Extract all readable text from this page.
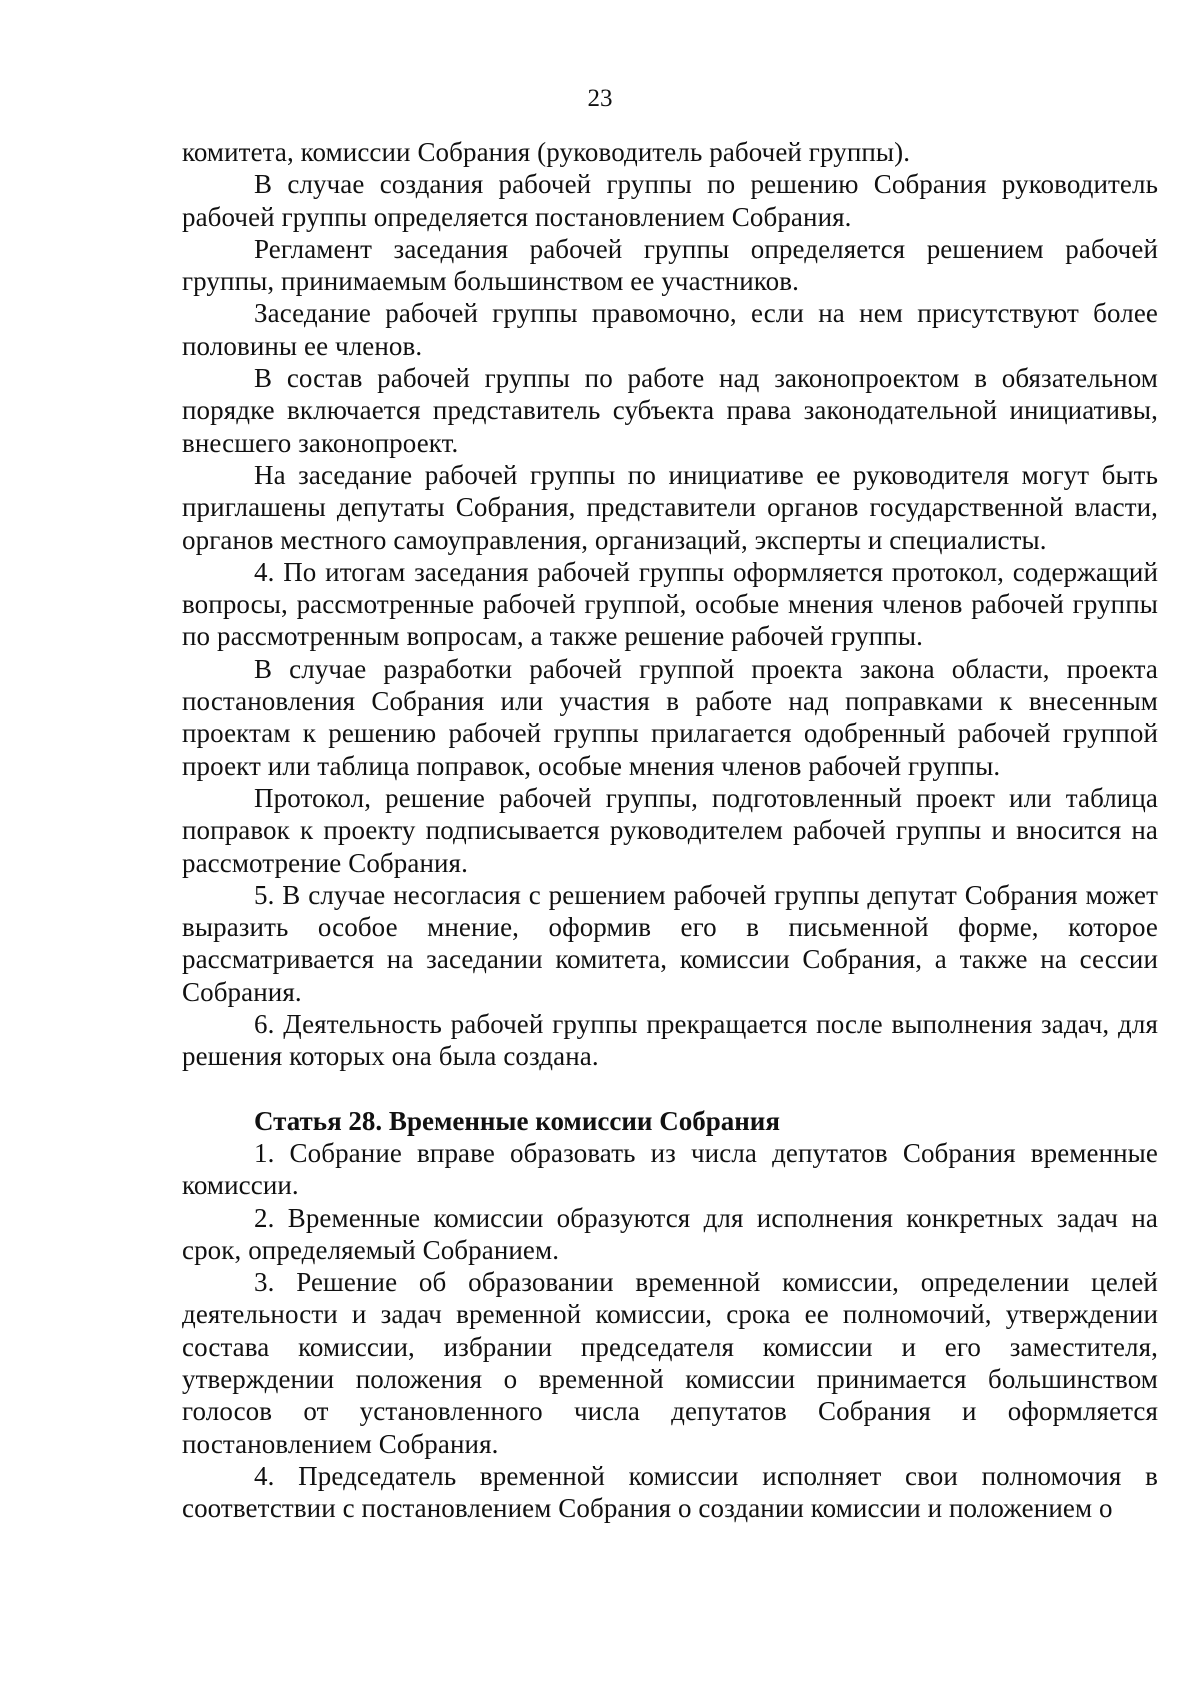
23

комитета, комиссии Собрания (руководитель рабочей группы).

В случае создания рабочей группы по решению Собрания руководитель рабочей группы определяется постановлением Собрания.

Регламент заседания рабочей группы определяется решением рабочей группы, принимаемым большинством ее участников.

Заседание рабочей группы правомочно, если на нем присутствуют более половины ее членов.

В состав рабочей группы по работе над законопроектом в обязательном порядке включается представитель субъекта права законодательной инициативы, внесшего законопроект.

На заседание рабочей группы по инициативе ее руководителя могут быть приглашены депутаты Собрания, представители органов государственной власти, органов местного самоуправления, организаций, эксперты и специалисты.

4. По итогам заседания рабочей группы оформляется протокол, содержащий вопросы, рассмотренные рабочей группой, особые мнения членов рабочей группы по рассмотренным вопросам, а также решение рабочей группы.

В случае разработки рабочей группой проекта закона области, проекта постановления Собрания или участия в работе над поправками к внесенным проектам к решению рабочей группы прилагается одобренный рабочей группой проект или таблица поправок, особые мнения членов рабочей группы.

Протокол, решение рабочей группы, подготовленный проект или таблица поправок к проекту подписывается руководителем рабочей группы и вносится на рассмотрение Собрания.

5. В случае несогласия с решением рабочей группы депутат Собрания может выразить особое мнение, оформив его в письменной форме, которое рассматривается на заседании комитета, комиссии Собрания, а также на сессии Собрания.

6. Деятельность рабочей группы прекращается после выполнения задач, для решения которых она была создана.

Статья 28. Временные комиссии Собрания

1. Собрание вправе образовать из числа депутатов Собрания временные комиссии.

2. Временные комиссии образуются для исполнения конкретных задач на срок, определяемый Собранием.

3. Решение об образовании временной комиссии, определении целей деятельности и задач временной комиссии, срока ее полномочий, утверждении состава комиссии, избрании председателя комиссии и его заместителя, утверждении положения о временной комиссии принимается большинством голосов от установленного числа депутатов Собрания и оформляется постановлением Собрания.

4. Председатель временной комиссии исполняет свои полномочия в соответствии с постановлением Собрания о создании комиссии и положением о
